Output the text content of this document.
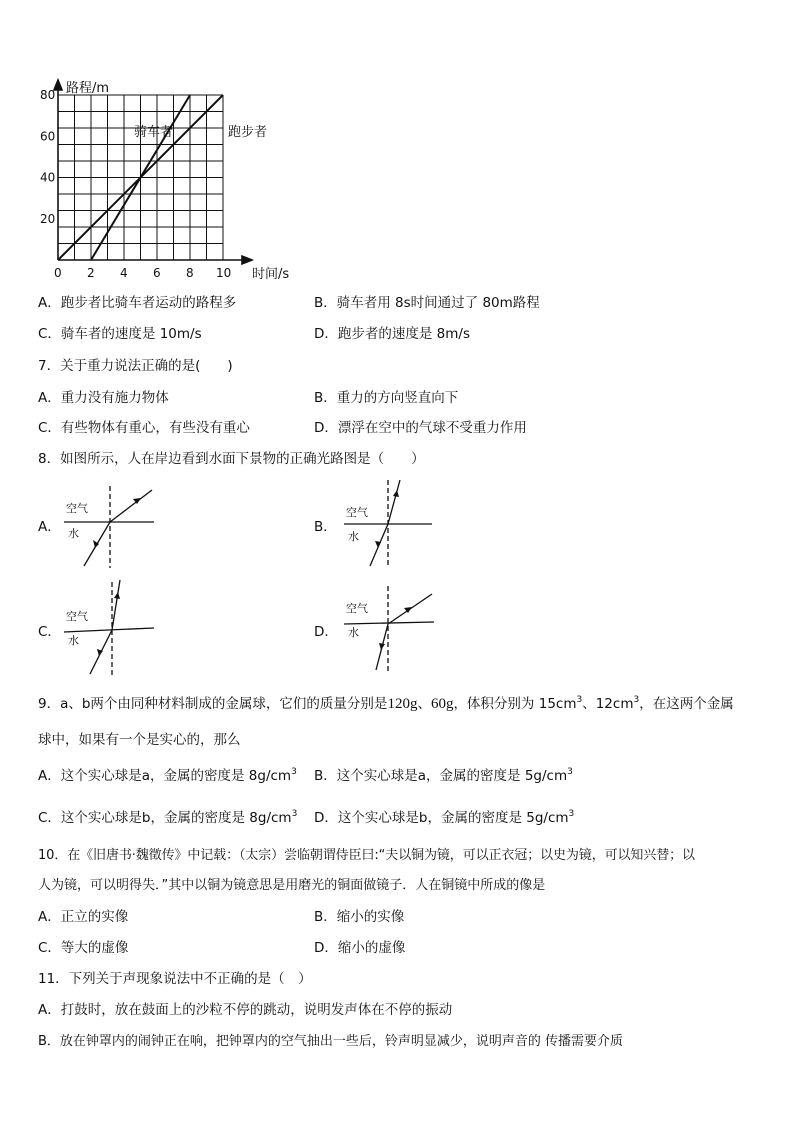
路程/m
时间/s
20
40
60
80
0 2 4 6 8 10
骑车者	跑步者
A．跑步者比骑车者运动的路程多	B．骑车者用 8s时间通过了 80m路程
C．骑车者的速度是 10m/s	D．跑步者的速度是 8m/s
7．关于重力说法正确的是(　　)
A．重力没有施力物体	B．重力的方向竖直向下
C．有些物体有重心，有些没有重心	D．漂浮在空中的气球不受重力作用
8．如图所示，人在岸边看到水面下景物的正确光路图是（　　）
A．
空气
水	B．
空气
水
C．
空气
水
D．
空气
水
9．a、b两个由同种材料制成的金属球，它们的质量分别是120g、60g，体积分别为 $15cm^3$、$12cm^3$，在这两个金属
球中，如果有一个是实心的，那么
A．这个实心球是a，金属的密度是 $8g/cm^3$ B．这个实心球是a，金属的密度是 $5g/cm^3$
C．这个实心球是b，金属的密度是 $8g/cm^3$ D．这个实心球是b，金属的密度是 $5g/cm^3$
10．在《旧唐书·魏徵传》中记载：（太宗）尝临朝谓侍臣曰:“夫以铜为镜，可以正衣冠；以史为镜，可以知兴替；以
人为镜，可以明得失．”其中以铜为镜意思是用磨光的铜面做镜子．人在铜镜中所成的像是
A．正立的实像	B．缩小的实像
C．等大的虚像	D．缩小的虚像
11．下列关于声现象说法中不正确的是（　）
A．打鼓时，放在鼓面上的沙粒不停的跳动，说明发声体在不停的振动
B．放在钟罩内的闹钟正在响，把钟罩内的空气抽出一些后，铃声明显减少，说明声音的 传播需要介质
